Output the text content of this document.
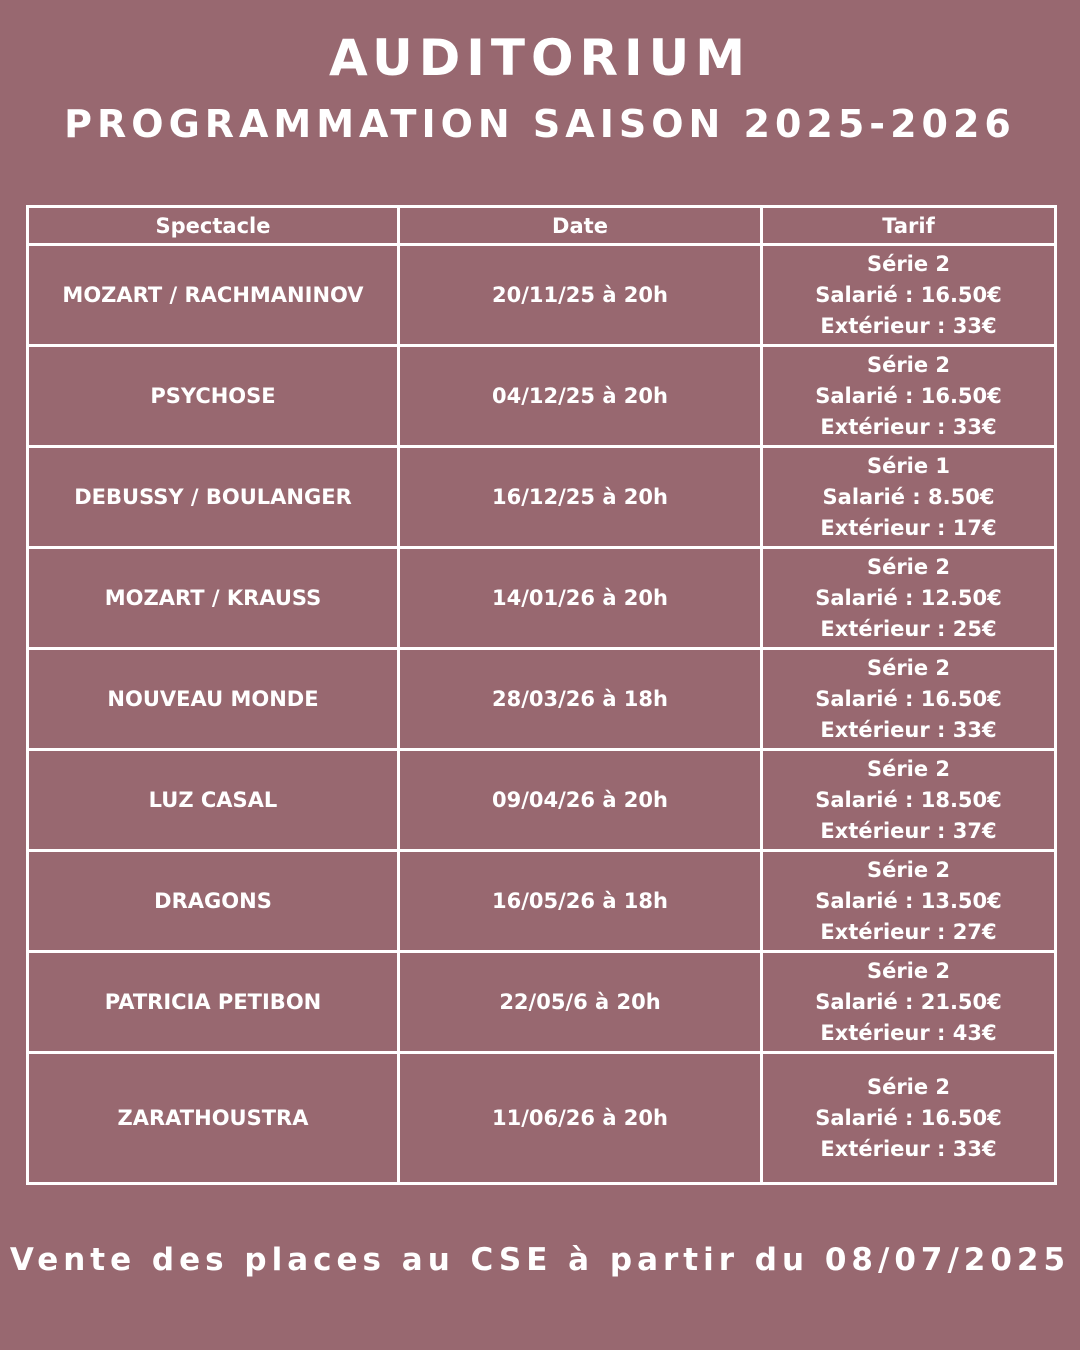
AUDITORIUM
PROGRAMMATION SAISON 2025-2026
Spectacle	Date	Tarif
MOZART / RACHMANINOV	20/11/25 à 20h	Série 2
Salarié : 16.50€
Extérieur : 33€

PSYCHOSE	04/12/25 à 20h	Série 2
Salarié : 16.50€
Extérieur : 33€

DEBUSSY / BOULANGER	16/12/25 à 20h	Série 1
Salarié : 8.50€
Extérieur : 17€

MOZART / KRAUSS	14/01/26 à 20h	Série 2
Salarié : 12.50€
Extérieur : 25€

NOUVEAU MONDE	28/03/26 à 18h	Série 2
Salarié : 16.50€
Extérieur : 33€

LUZ CASAL	09/04/26 à 20h	Série 2
Salarié : 18.50€
Extérieur : 37€

DRAGONS	16/05/26 à 18h	Série 2
Salarié : 13.50€
Extérieur : 27€

PATRICIA PETIBON	22/05/6 à 20h	Série 2
Salarié : 21.50€
Extérieur : 43€

ZARATHOUSTRA	11/06/26 à 20h	Série 2
Salarié : 16.50€
Extérieur : 33€
Vente des places au CSE à partir du 08/07/2025
